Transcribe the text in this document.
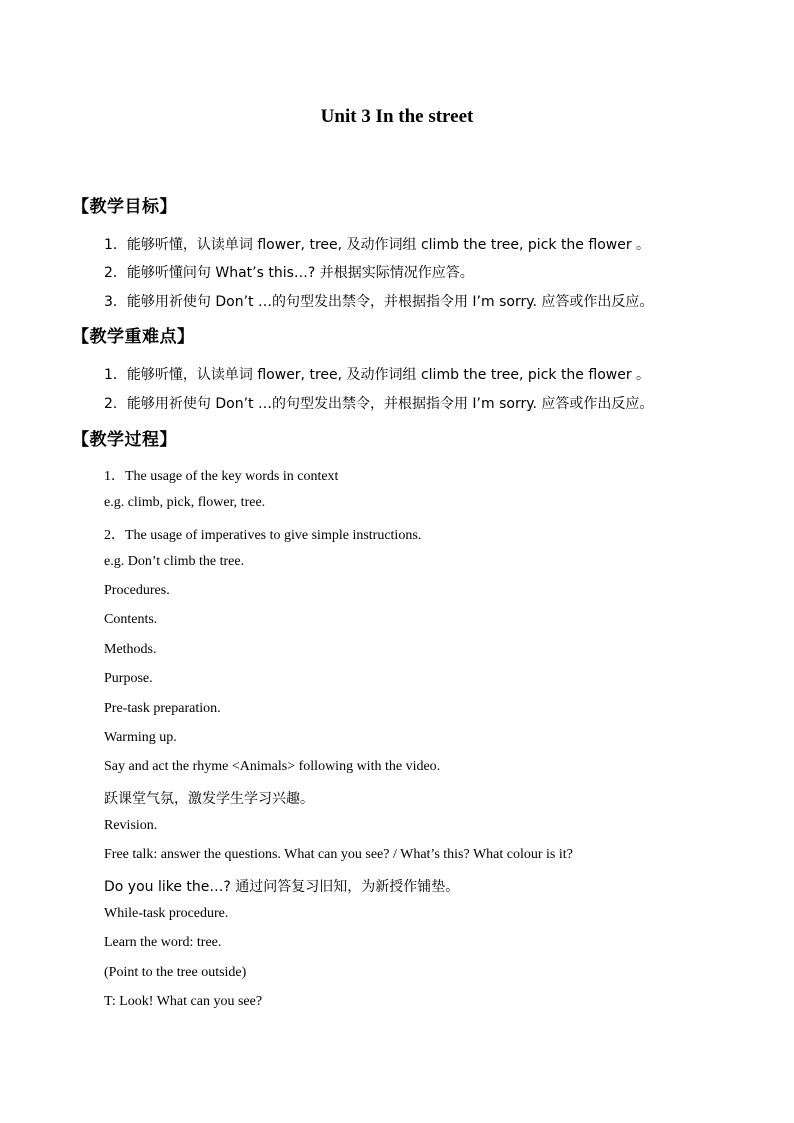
Unit 3 In the street
【教学目标】
1．能够听懂，认读单词 flower, tree, 及动作词组 climb the tree, pick the flower 。
2．能够听懂问句 What’s this…? 并根据实际情况作应答。
3．能够用祈使句 Don’t …的句型发出禁令，并根据指令用 I’m sorry. 应答或作出反应。
【教学重难点】
1．能够听懂，认读单词 flower, tree, 及动作词组 climb the tree, pick the flower 。
2．能够用祈使句 Don’t …的句型发出禁令，并根据指令用 I’m sorry. 应答或作出反应。
【教学过程】
1．The usage of the key words in context
e.g. climb, pick, flower, tree.
2．The usage of imperatives to give simple instructions.
e.g. Don’t climb the tree.
Procedures.
Contents.
Methods.
Purpose.
Pre-task preparation.
Warming up.
Say and act the rhyme <Animals> following with the video.
跃课堂气氛，激发学生学习兴趣。
Revision.
Free talk: answer the questions. What can you see? / What’s this? What colour is it?
Do you like the…? 通过问答复习旧知，为新授作铺垫。
While-task procedure.
Learn the word: tree.
(Point to the tree outside)
T: Look! What can you see?
